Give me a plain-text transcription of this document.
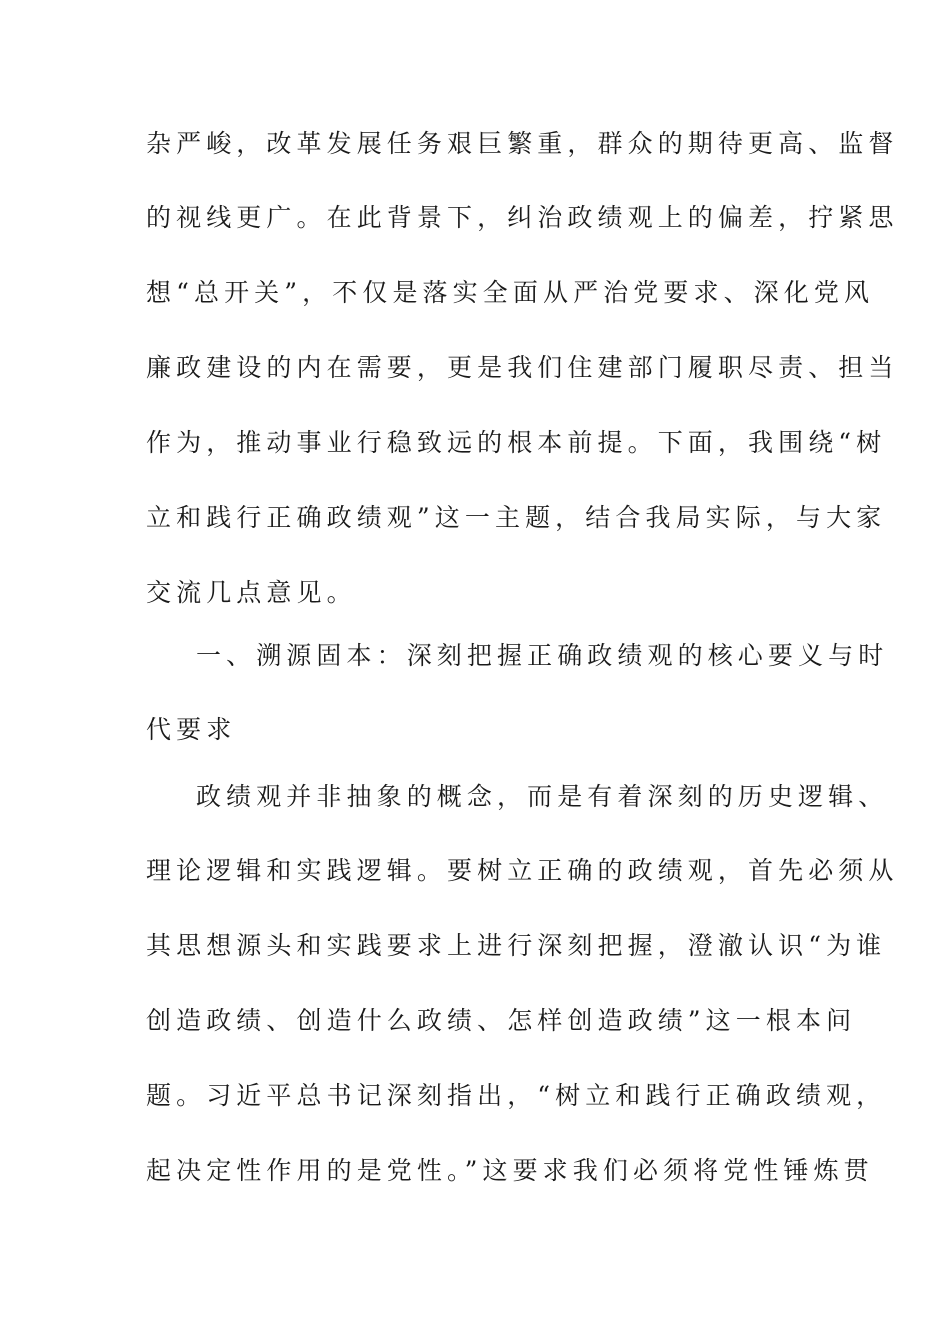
杂严峻，改革发展任务艰巨繁重，群众的期待更高、监督
的视线更广。在此背景下，纠治政绩观上的偏差，拧紧思
想“总开关”，不仅是落实全面从严治党要求、深化党风
廉政建设的内在需要，更是我们住建部门履职尽责、担当
作为，推动事业行稳致远的根本前提。下面，我围绕“树
立和践行正确政绩观”这一主题，结合我局实际，与大家
交流几点意见。
一、溯源固本：深刻把握正确政绩观的核心要义与时
代要求
政绩观并非抽象的概念，而是有着深刻的历史逻辑、
理论逻辑和实践逻辑。要树立正确的政绩观，首先必须从
其思想源头和实践要求上进行深刻把握，澄澈认识“为谁
创造政绩、创造什么政绩、怎样创造政绩”这一根本问
题。习近平总书记深刻指出，“树立和践行正确政绩观，
起决定性作用的是党性。”这要求我们必须将党性锤炼贯
